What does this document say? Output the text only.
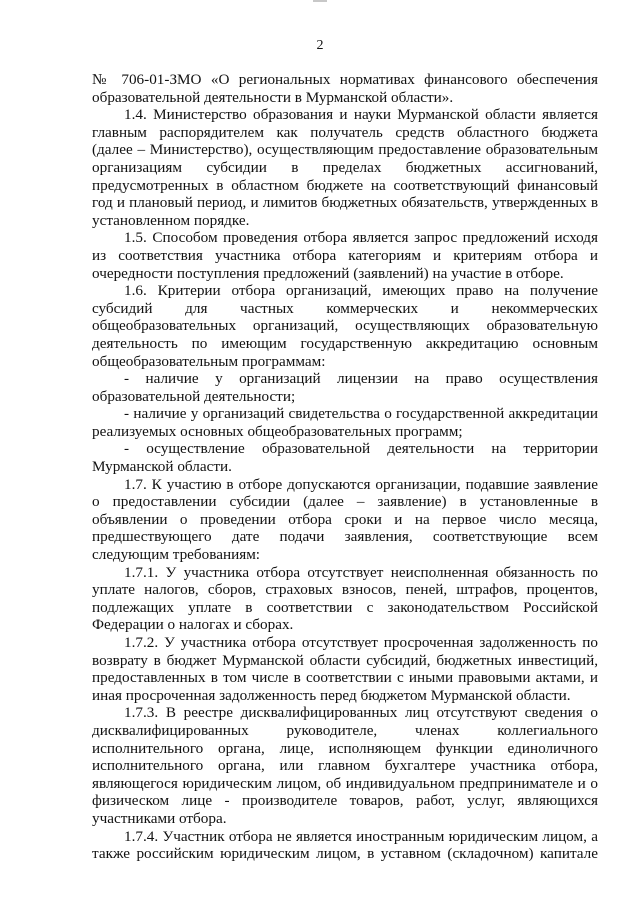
2

№ 706-01-ЗМО «О региональных нормативах финансового обеспечения

образовательной деятельности в Мурманской области».

1.4. Министерство образования и науки Мурманской области является

главным распорядителем как получатель средств областного бюджета

(далее – Министерство), осуществляющим предоставление образовательным

организациям субсидии в пределах бюджетных ассигнований,

предусмотренных в областном бюджете на соответствующий финансовый

год и плановый период, и лимитов бюджетных обязательств, утвержденных в

установленном порядке.

1.5. Способом проведения отбора является запрос предложений исходя

из соответствия участника отбора категориям и критериям отбора и

очередности поступления предложений (заявлений) на участие в отборе.

1.6. Критерии отбора организаций, имеющих право на получение

субсидий для частных коммерческих и некоммерческих

общеобразовательных организаций, осуществляющих образовательную

деятельность по имеющим государственную аккредитацию основным

общеобразовательным программам:

- наличие у организаций лицензии на право осуществления

образовательной деятельности;

- наличие у организаций свидетельства о государственной аккредитации

реализуемых основных общеобразовательных программ;

- осуществление образовательной деятельности на территории

Мурманской области.

1.7. К участию в отборе допускаются организации, подавшие заявление

о предоставлении субсидии (далее – заявление) в установленные в

объявлении о проведении отбора сроки и на первое число месяца,

предшествующего дате подачи заявления, соответствующие всем

следующим требованиям:

1.7.1. У участника отбора отсутствует неисполненная обязанность по

уплате налогов, сборов, страховых взносов, пеней, штрафов, процентов,

подлежащих уплате в соответствии с законодательством Российской

Федерации о налогах и сборах.

1.7.2. У участника отбора отсутствует просроченная задолженность по

возврату в бюджет Мурманской области субсидий, бюджетных инвестиций,

предоставленных в том числе в соответствии с иными правовыми актами, и

иная просроченная задолженность перед бюджетом Мурманской области.

1.7.3. В реестре дисквалифицированных лиц отсутствуют сведения о

дисквалифицированных руководителе, членах коллегиального

исполнительного органа, лице, исполняющем функции единоличного

исполнительного органа, или главном бухгалтере участника отбора,

являющегося юридическим лицом, об индивидуальном предпринимателе и о

физическом лице - производителе товаров, работ, услуг, являющихся

участниками отбора.

1.7.4. Участник отбора не является иностранным юридическим лицом, а

также российским юридическим лицом, в уставном (складочном) капитале
